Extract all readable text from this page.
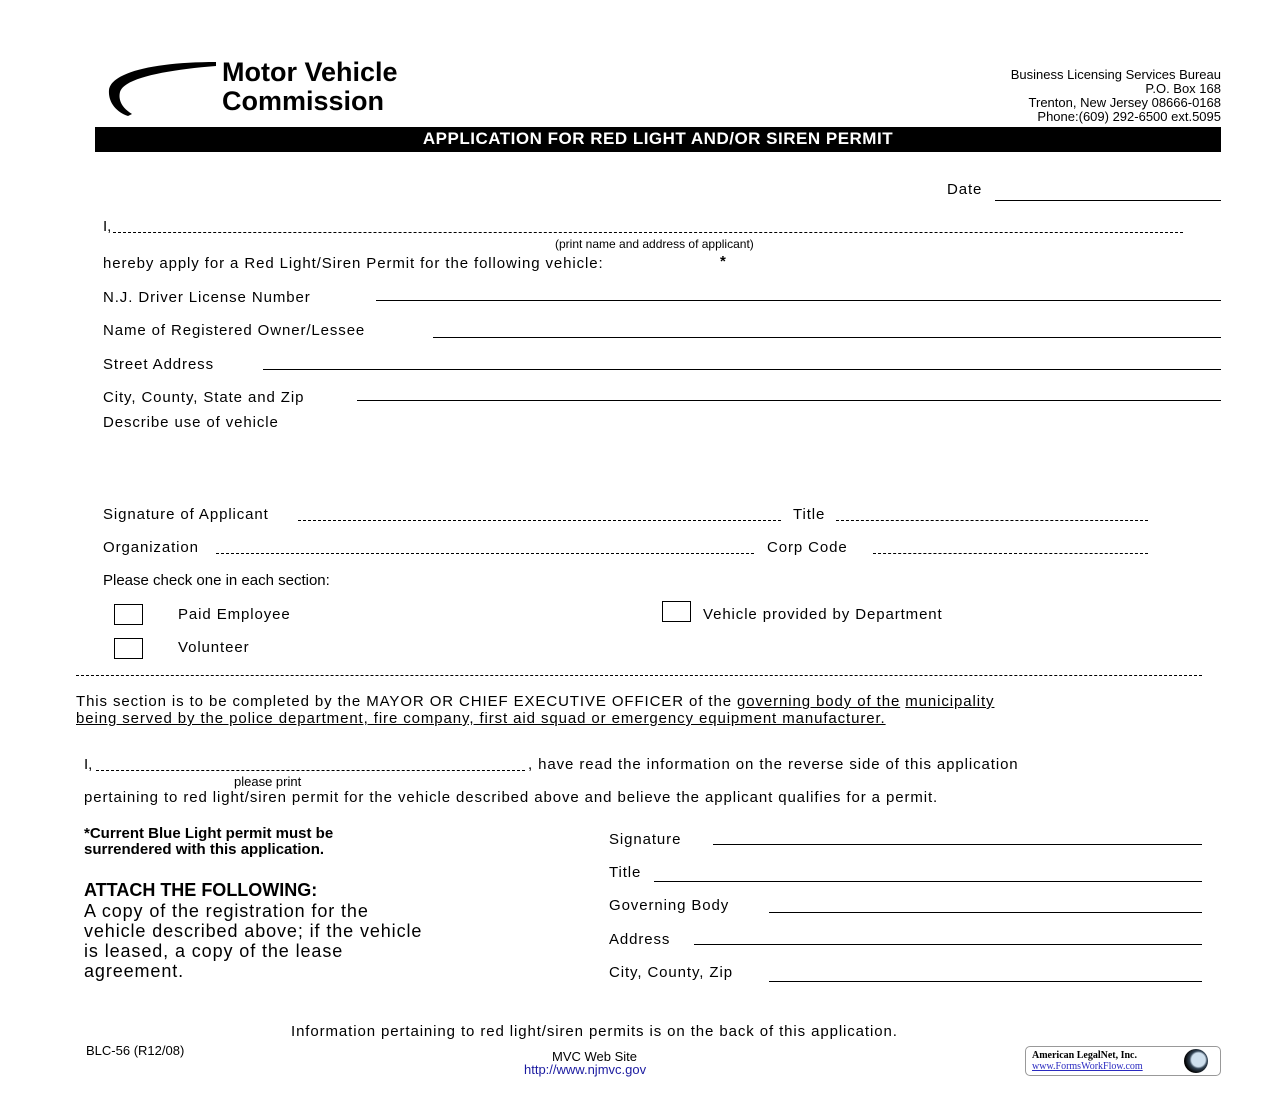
Motor Vehicle
Commission
Business Licensing Services Bureau
P.O. Box 168
Trenton, New Jersey 08666-0168
Phone:(609) 292-6500 ext.5095
APPLICATION FOR RED LIGHT AND/OR SIREN PERMIT
Date
I,
(print name and address of applicant)
hereby apply for a Red Light/Siren Permit for the following vehicle:	*
N.J. Driver License Number
Name of Registered Owner/Lessee
Street Address
City, County, State and Zip
Describe use of vehicle
Signature of Applicant	Title
Organization	Corp Code
Please check one in each section:
Paid Employee
Volunteer
Vehicle provided by Department
This section is to be completed by the MAYOR OR CHIEF EXECUTIVE OFFICER of the governing body of the municipality
being served by the police department, fire company, first aid squad or emergency equipment manufacturer.
I,	, have read the information on the reverse side of this application
please print
pertaining to red light/siren permit for the vehicle described above and believe the applicant qualifies for a permit.
*Current Blue Light permit must be
surrendered with this application.
ATTACH THE FOLLOWING:
A copy of the registration for the
vehicle described above; if the vehicle
is leased, a copy of the lease
agreement.
Signature
Title
Governing Body
Address
City, County, Zip
Information pertaining to red light/siren permits is on the back of this application.
BLC-56 (R12/08)	MVC Web Site
http://www.njmvc.gov
American LegalNet, Inc.
www.FormsWorkFlow.com
